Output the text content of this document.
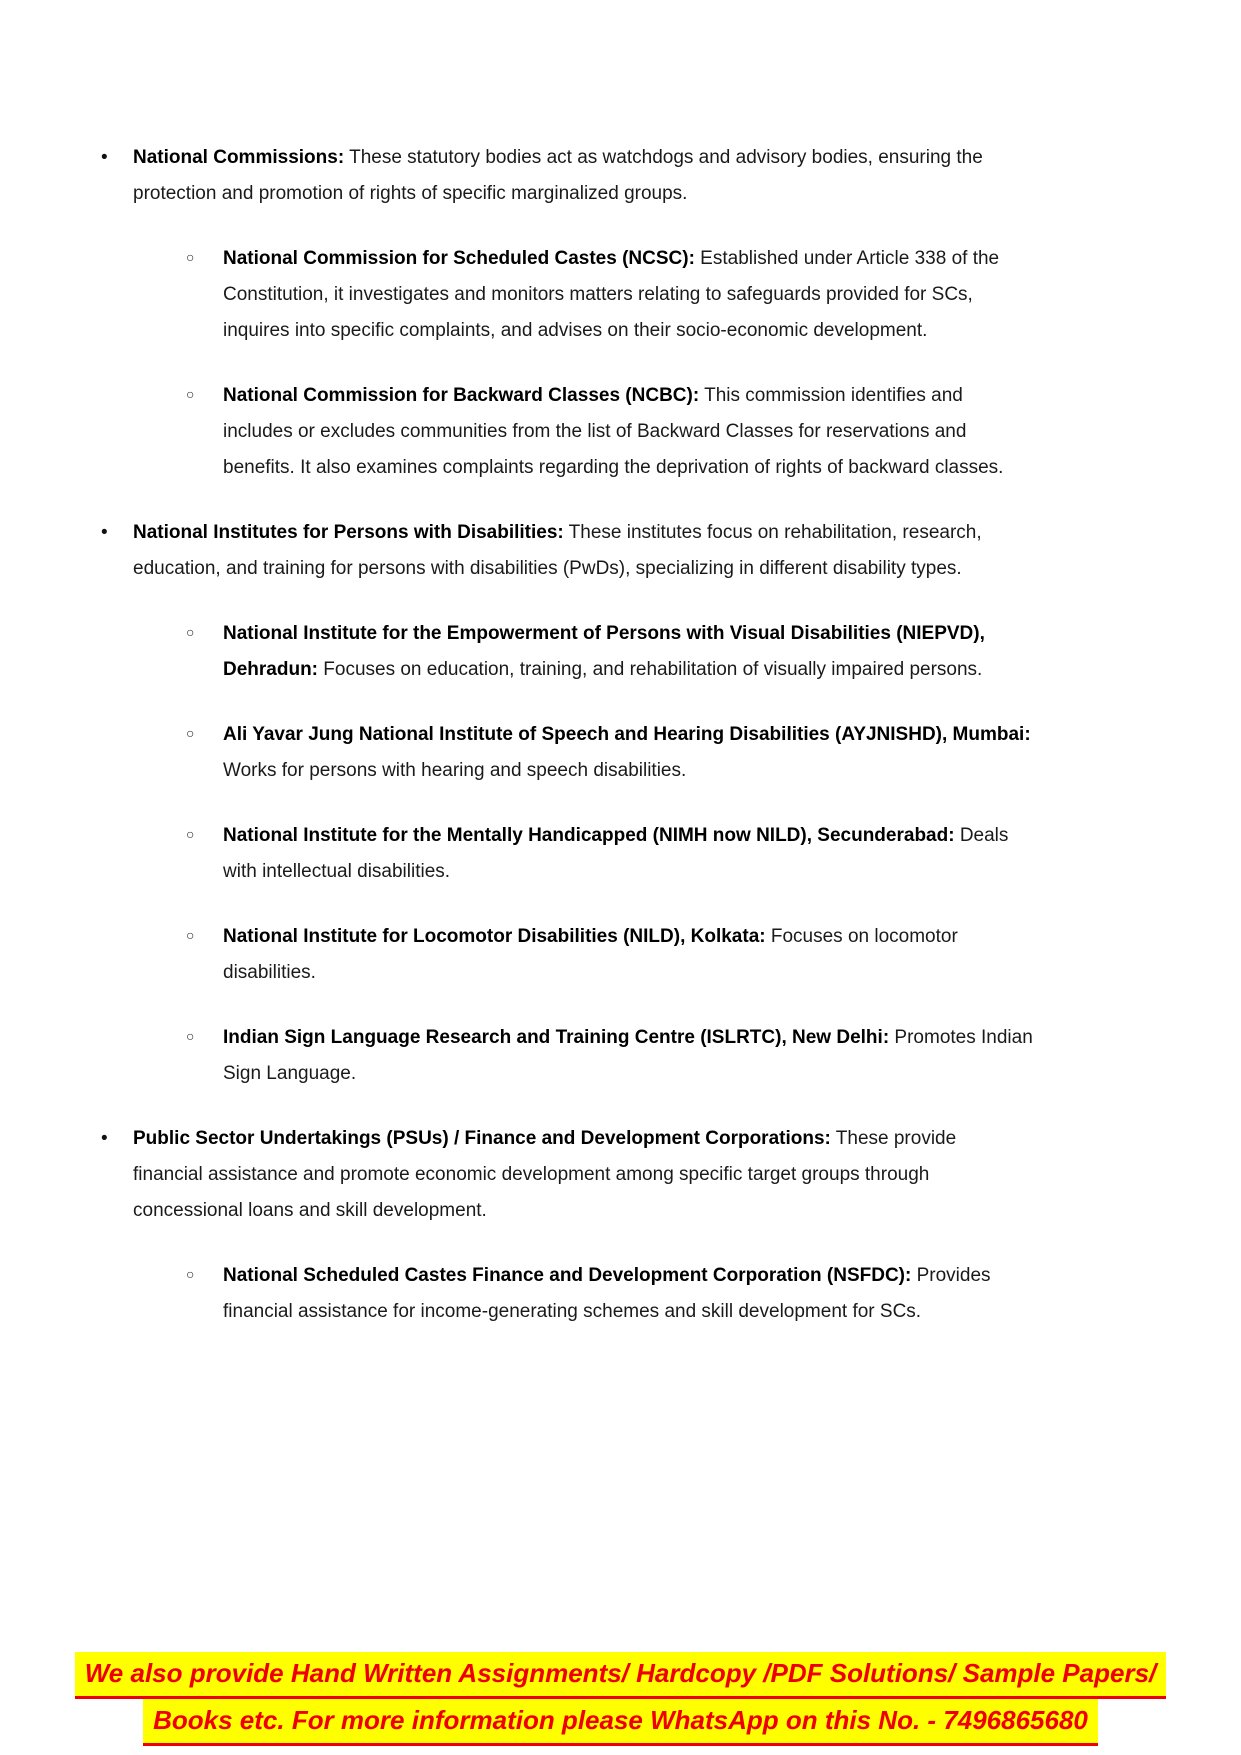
• National Commissions: These statutory bodies act as watchdogs and advisory bodies, ensuring the protection and promotion of rights of specific marginalized groups.
○ National Commission for Scheduled Castes (NCSC): Established under Article 338 of the Constitution, it investigates and monitors matters relating to safeguards provided for SCs, inquires into specific complaints, and advises on their socio-economic development.
○ National Commission for Backward Classes (NCBC): This commission identifies and includes or excludes communities from the list of Backward Classes for reservations and benefits. It also examines complaints regarding the deprivation of rights of backward classes.
• National Institutes for Persons with Disabilities: These institutes focus on rehabilitation, research, education, and training for persons with disabilities (PwDs), specializing in different disability types.
○ National Institute for the Empowerment of Persons with Visual Disabilities (NIEPVD), Dehradun: Focuses on education, training, and rehabilitation of visually impaired persons.
○ Ali Yavar Jung National Institute of Speech and Hearing Disabilities (AYJNISHD), Mumbai: Works for persons with hearing and speech disabilities.
○ National Institute for the Mentally Handicapped (NIMH now NILD), Secunderabad: Deals with intellectual disabilities.
○ National Institute for Locomotor Disabilities (NILD), Kolkata: Focuses on locomotor disabilities.
○ Indian Sign Language Research and Training Centre (ISLRTC), New Delhi: Promotes Indian Sign Language.
• Public Sector Undertakings (PSUs) / Finance and Development Corporations: These provide financial assistance and promote economic development among specific target groups through concessional loans and skill development.
○ National Scheduled Castes Finance and Development Corporation (NSFDC): Provides financial assistance for income-generating schemes and skill development for SCs.
We also provide Hand Written Assignments/ Hardcopy /PDF Solutions/ Sample Papers/
Books etc. For more information please WhatsApp on this No. - 7496865680
